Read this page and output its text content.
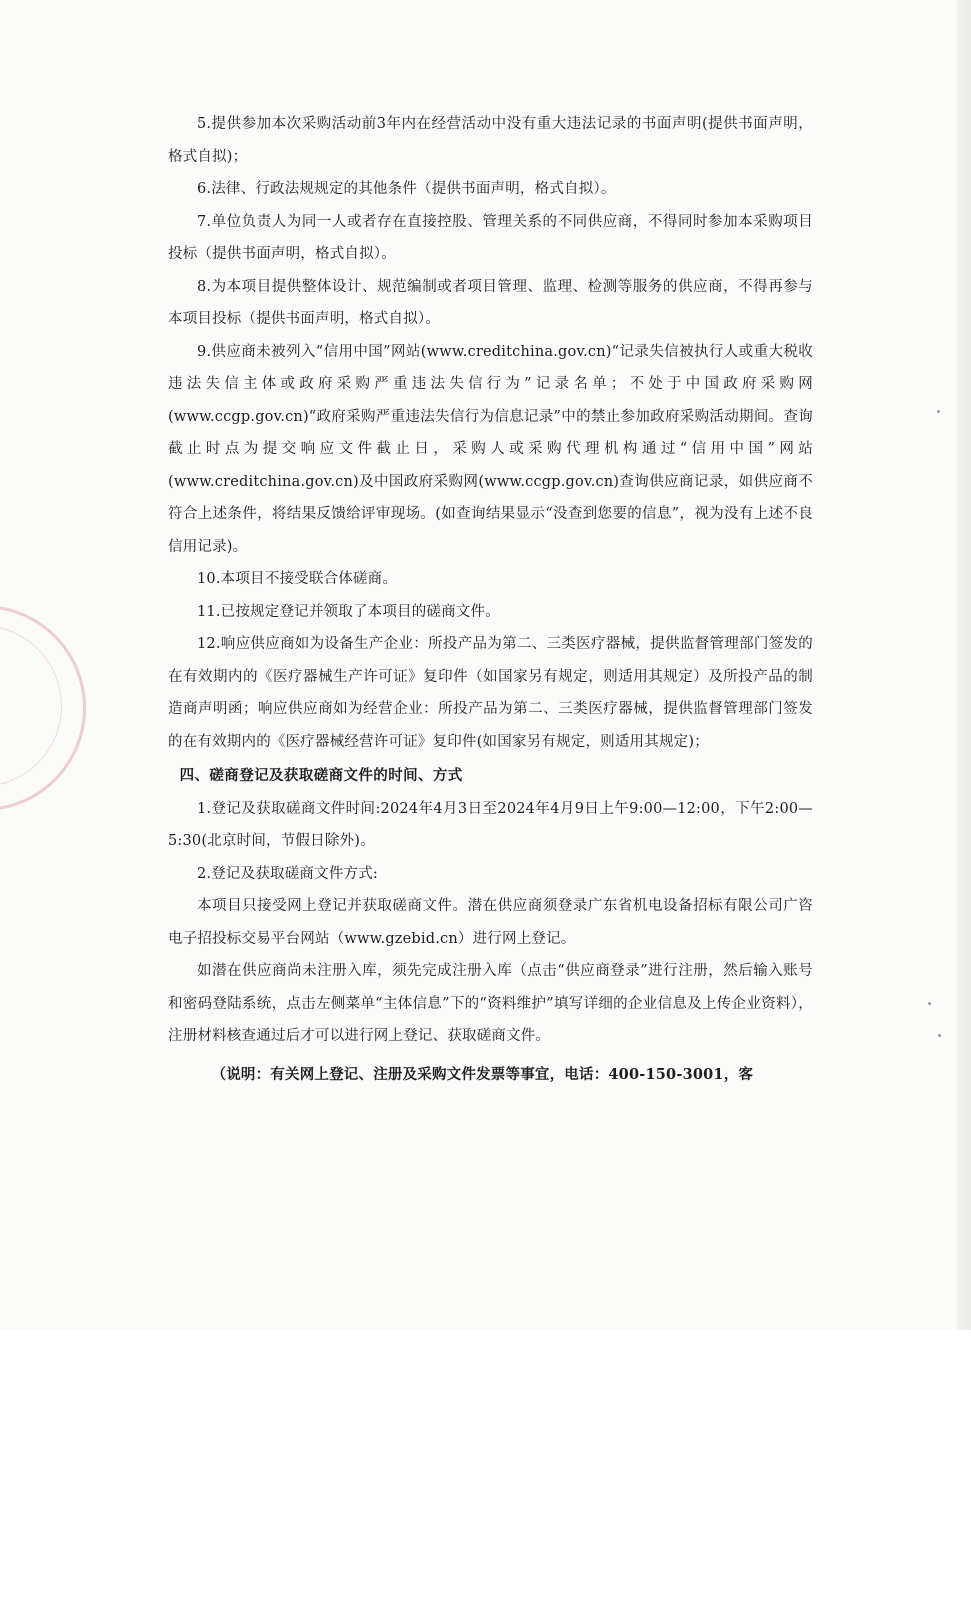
5.提供参加本次采购活动前3年内在经营活动中没有重大违法记录的书面声明(提供书面声明，格式自拟)；

6.法律、行政法规规定的其他条件（提供书面声明，格式自拟）。

7.单位负责人为同一人或者存在直接控股、管理关系的不同供应商，不得同时参加本采购项目投标（提供书面声明，格式自拟）。

8.为本项目提供整体设计、规范编制或者项目管理、监理、检测等服务的供应商，不得再参与本项目投标（提供书面声明，格式自拟）。

9.供应商未被列入“信用中国”网站(www.creditchina.gov.cn)“记录失信被执行人或重大税收违法失信主体或政府采购严重违法失信行为”记录名单；不处于中国政府采购网(www.ccgp.gov.cn)“政府采购严重违法失信行为信息记录”中的禁止参加政府采购活动期间。查询截止时点为提交响应文件截止日，采购人或采购代理机构通过“信用中国”网站(www.creditchina.gov.cn)及中国政府采购网(www.ccgp.gov.cn)查询供应商记录，如供应商不符合上述条件，将结果反馈给评审现场。(如查询结果显示“没查到您要的信息”，视为没有上述不良信用记录)。

10.本项目不接受联合体磋商。

11.已按规定登记并领取了本项目的磋商文件。

12.响应供应商如为设备生产企业：所投产品为第二、三类医疗器械，提供监督管理部门签发的在有效期内的《医疗器械生产许可证》复印件（如国家另有规定，则适用其规定）及所投产品的制造商声明函；响应供应商如为经营企业：所投产品为第二、三类医疗器械，提供监督管理部门签发的在有效期内的《医疗器械经营许可证》复印件(如国家另有规定，则适用其规定)；

四、磋商登记及获取磋商文件的时间、方式

1.登记及获取磋商文件时间:2024年4月3日至2024年4月9日上午9:00—12:00，下午2:00—5:30(北京时间，节假日除外)。

2.登记及获取磋商文件方式:

本项目只接受网上登记并获取磋商文件。潜在供应商须登录广东省机电设备招标有限公司广咨电子招投标交易平台网站（www.gzebid.cn）进行网上登记。

如潜在供应商尚未注册入库，须先完成注册入库（点击“供应商登录”进行注册，然后输入账号和密码登陆系统，点击左侧菜单“主体信息”下的“资料维护”填写详细的企业信息及上传企业资料），注册材料核查通过后才可以进行网上登记、获取磋商文件。

（说明：有关网上登记、注册及采购文件发票等事宜，电话：400-150-3001，客
